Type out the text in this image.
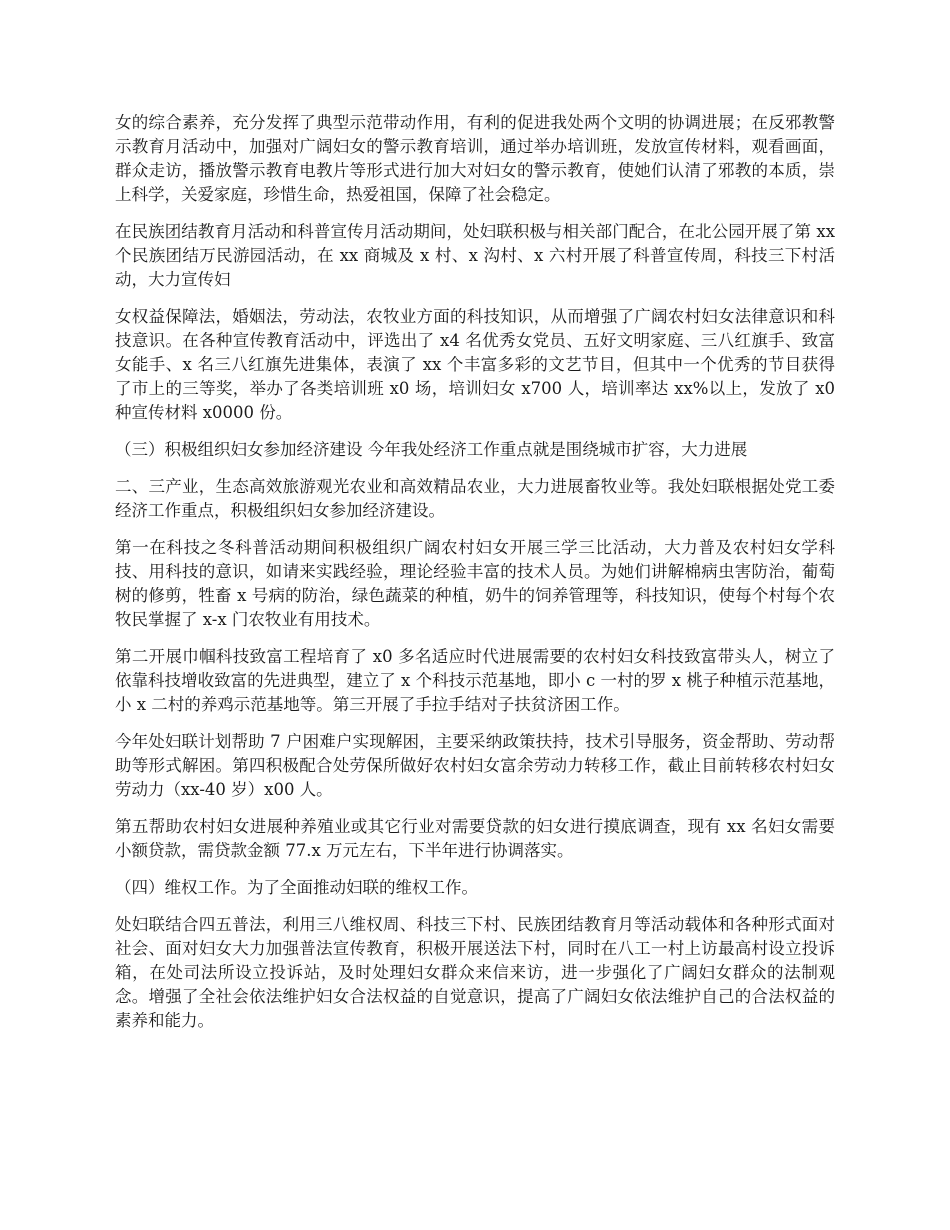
女的综合素养，充分发挥了典型示范带动作用，有利的促进我处两个文明的协调进展；在反邪教警示教育月活动中，加强对广阔妇女的警示教育培训，通过举办培训班，发放宣传材料，观看画面，群众走访，播放警示教育电教片等形式进行加大对妇女的警示教育，使她们认清了邪教的本质，崇上科学，关爱家庭，珍惜生命，热爱祖国，保障了社会稳定。

在民族团结教育月活动和科普宣传月活动期间，处妇联积极与相关部门配合，在北公园开展了第 xx 个民族团结万民游园活动，在 xx 商城及 x 村、x 沟村、x 六村开展了科普宣传周，科技三下村活动，大力宣传妇

女权益保障法，婚姻法，劳动法，农牧业方面的科技知识，从而增强了广阔农村妇女法律意识和科技意识。在各种宣传教育活动中，评选出了 x4 名优秀女党员、五好文明家庭、三八红旗手、致富女能手、x 名三八红旗先进集体，表演了 xx 个丰富多彩的文艺节目，但其中一个优秀的节目获得了市上的三等奖，举办了各类培训班 x0 场，培训妇女 x700 人，培训率达 xx%以上，发放了 x0 种宣传材料 x0000 份。

（三）积极组织妇女参加经济建设 今年我处经济工作重点就是围绕城市扩容，大力进展

二、三产业，生态高效旅游观光农业和高效精品农业，大力进展畜牧业等。我处妇联根据处党工委经济工作重点，积极组织妇女参加经济建设。

第一在科技之冬科普活动期间积极组织广阔农村妇女开展三学三比活动，大力普及农村妇女学科技、用科技的意识，如请来实践经验，理论经验丰富的技术人员。为她们讲解棉病虫害防治，葡萄树的修剪，牲畜 x 号病的防治，绿色蔬菜的种植，奶牛的饲养管理等，科技知识，使每个村每个农牧民掌握了 x-x 门农牧业有用技术。

第二开展巾帼科技致富工程培育了 x0 多名适应时代进展需要的农村妇女科技致富带头人，树立了依靠科技增收致富的先进典型，建立了 x 个科技示范基地，即小 c 一村的罗 x 桃子种植示范基地，小 x 二村的养鸡示范基地等。第三开展了手拉手结对子扶贫济困工作。

今年处妇联计划帮助 7 户困难户实现解困，主要采纳政策扶持，技术引导服务，资金帮助、劳动帮助等形式解困。第四积极配合处劳保所做好农村妇女富余劳动力转移工作，截止目前转移农村妇女劳动力（xx-40 岁）x00 人。

第五帮助农村妇女进展种养殖业或其它行业对需要贷款的妇女进行摸底调查，现有 xx 名妇女需要小额贷款，需贷款金额 77.x 万元左右，下半年进行协调落实。

（四）维权工作。为了全面推动妇联的维权工作。

处妇联结合四五普法，利用三八维权周、科技三下村、民族团结教育月等活动载体和各种形式面对社会、面对妇女大力加强普法宣传教育，积极开展送法下村，同时在八工一村上访最高村设立投诉箱，在处司法所设立投诉站，及时处理妇女群众来信来访，进一步强化了广阔妇女群众的法制观念。增强了全社会依法维护妇女合法权益的自觉意识，提高了广阔妇女依法维护自己的合法权益的素养和能力。
